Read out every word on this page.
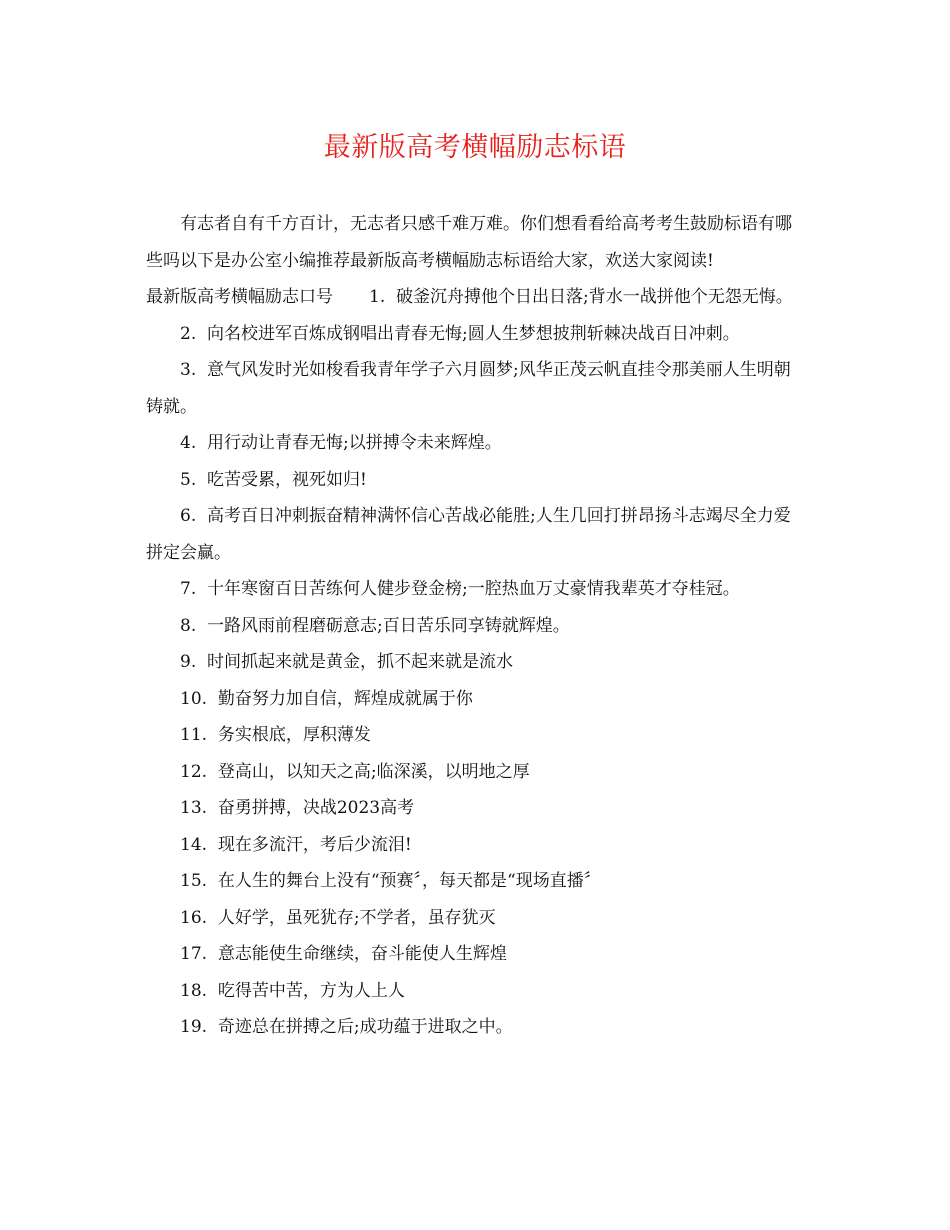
最新版高考横幅励志标语

有志者自有千方百计，无志者只感千难万难。你们想看看给高考考生鼓励标语有哪些吗以下是办公室小编推荐最新版高考横幅励志标语给大家，欢送大家阅读!

最新版高考横幅励志口号 1. 破釜沉舟搏他个日出日落;背水一战拼他个无怨无悔。

2. 向名校进军百炼成钢唱出青春无悔;圆人生梦想披荆斩棘决战百日冲刺。

3. 意气风发时光如梭看我青年学子六月圆梦;风华正茂云帆直挂令那美丽人生明朝铸就。

4. 用行动让青春无悔;以拼搏令未来辉煌。

5. 吃苦受累，视死如归!

6. 高考百日冲刺振奋精神满怀信心苦战必能胜;人生几回打拼昂扬斗志竭尽全力爱拼定会赢。

7. 十年寒窗百日苦练何人健步登金榜;一腔热血万丈豪情我辈英才夺桂冠。

8. 一路风雨前程磨砺意志;百日苦乐同享铸就辉煌。

9. 时间抓起来就是黄金，抓不起来就是流水

10. 勤奋努力加自信，辉煌成就属于你

11. 务实根底，厚积薄发

12. 登高山，以知天之高;临深溪，以明地之厚

13. 奋勇拼搏，决战2023高考

14. 现在多流汗，考后少流泪!

15. 在人生的舞台上没有“预赛〞，每天都是“现场直播〞

16. 人好学，虽死犹存;不学者，虽存犹灭

17. 意志能使生命继续，奋斗能使人生辉煌

18. 吃得苦中苦，方为人上人

19. 奇迹总在拼搏之后;成功蕴于进取之中。
